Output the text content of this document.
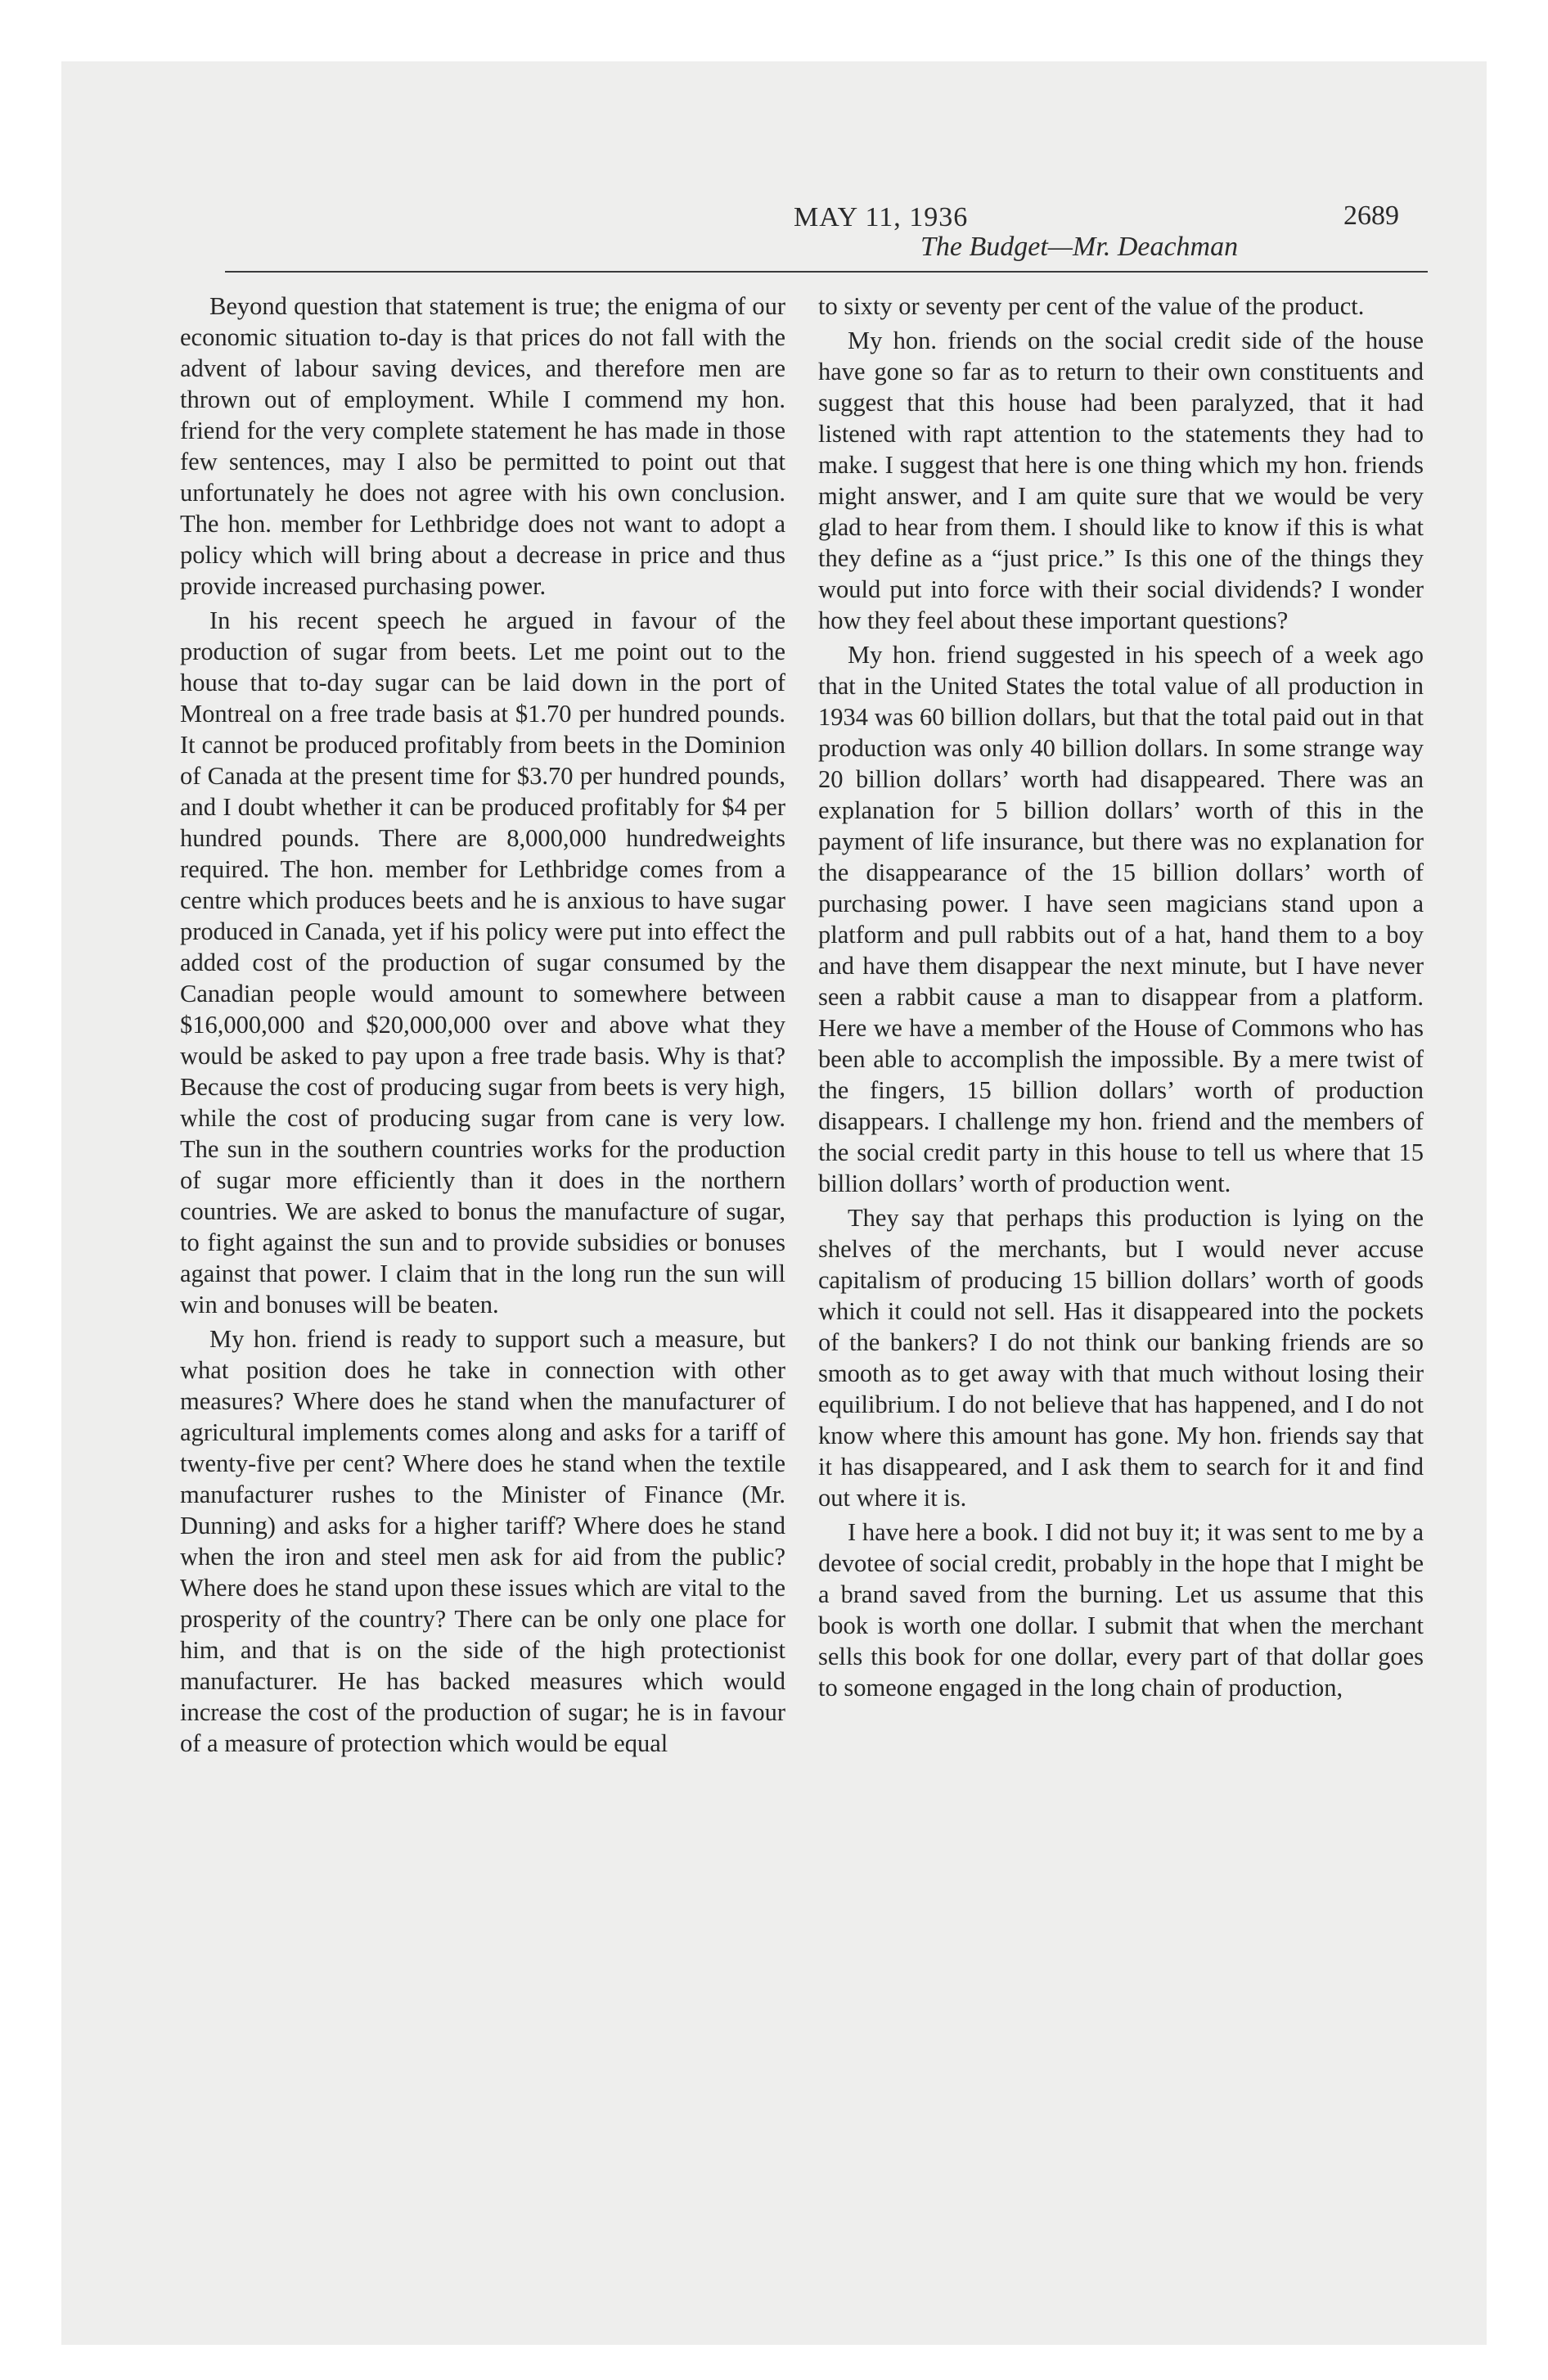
MAY 11, 1936	2689
The Budget—Mr. Deachman

Beyond question that statement is true; the enigma of our economic situation to-day is that prices do not fall with the advent of labour saving devices, and therefore men are thrown out of employment. While I commend my hon. friend for the very complete statement he has made in those few sentences, may I also be permitted to point out that unfortunately he does not agree with his own conclusion. The hon. member for Lethbridge does not want to adopt a policy which will bring about a decrease in price and thus provide increased purchasing power.

In his recent speech he argued in favour of the production of sugar from beets. Let me point out to the house that to-day sugar can be laid down in the port of Montreal on a free trade basis at $1.70 per hundred pounds. It cannot be produced profitably from beets in the Dominion of Canada at the present time for $3.70 per hundred pounds, and I doubt whether it can be produced profitably for $4 per hundred pounds. There are 8,000,000 hundredweights required. The hon. member for Lethbridge comes from a centre which produces beets and he is anxious to have sugar produced in Canada, yet if his policy were put into effect the added cost of the production of sugar consumed by the Canadian people would amount to somewhere between $16,000,000 and $20,000,000 over and above what they would be asked to pay upon a free trade basis. Why is that? Because the cost of producing sugar from beets is very high, while the cost of producing sugar from cane is very low. The sun in the southern countries works for the production of sugar more efficiently than it does in the northern countries. We are asked to bonus the manufacture of sugar, to fight against the sun and to provide subsidies or bonuses against that power. I claim that in the long run the sun will win and bonuses will be beaten.

My hon. friend is ready to support such a measure, but what position does he take in connection with other measures? Where does he stand when the manufacturer of agricultural implements comes along and asks for a tariff of twenty-five per cent? Where does he stand when the textile manufacturer rushes to the Minister of Finance (Mr. Dunning) and asks for a higher tariff? Where does he stand when the iron and steel men ask for aid from the public? Where does he stand upon these issues which are vital to the prosperity of the country? There can be only one place for him, and that is on the side of the high protectionist manufacturer. He has backed measures which would increase the cost of the production of sugar; he is in favour of a measure of protection which would be equal

to sixty or seventy per cent of the value of the product.

My hon. friends on the social credit side of the house have gone so far as to return to their own constituents and suggest that this house had been paralyzed, that it had listened with rapt attention to the statements they had to make. I suggest that here is one thing which my hon. friends might answer, and I am quite sure that we would be very glad to hear from them. I should like to know if this is what they define as a “just price.” Is this one of the things they would put into force with their social dividends? I wonder how they feel about these important questions?

My hon. friend suggested in his speech of a week ago that in the United States the total value of all production in 1934 was 60 billion dollars, but that the total paid out in that production was only 40 billion dollars. In some strange way 20 billion dollars’ worth had disappeared. There was an explanation for 5 billion dollars’ worth of this in the payment of life insurance, but there was no explanation for the disappearance of the 15 billion dollars’ worth of purchasing power. I have seen magicians stand upon a platform and pull rabbits out of a hat, hand them to a boy and have them disappear the next minute, but I have never seen a rabbit cause a man to disappear from a platform. Here we have a member of the House of Commons who has been able to accomplish the impossible. By a mere twist of the fingers, 15 billion dollars’ worth of production disappears. I challenge my hon. friend and the members of the social credit party in this house to tell us where that 15 billion dollars’ worth of production went.

They say that perhaps this production is lying on the shelves of the merchants, but I would never accuse capitalism of producing 15 billion dollars’ worth of goods which it could not sell. Has it disappeared into the pockets of the bankers? I do not think our banking friends are so smooth as to get away with that much without losing their equilibrium. I do not believe that has happened, and I do not know where this amount has gone. My hon. friends say that it has disappeared, and I ask them to search for it and find out where it is.

I have here a book. I did not buy it; it was sent to me by a devotee of social credit, probably in the hope that I might be a brand saved from the burning. Let us assume that this book is worth one dollar. I submit that when the merchant sells this book for one dollar, every part of that dollar goes to someone engaged in the long chain of production,
